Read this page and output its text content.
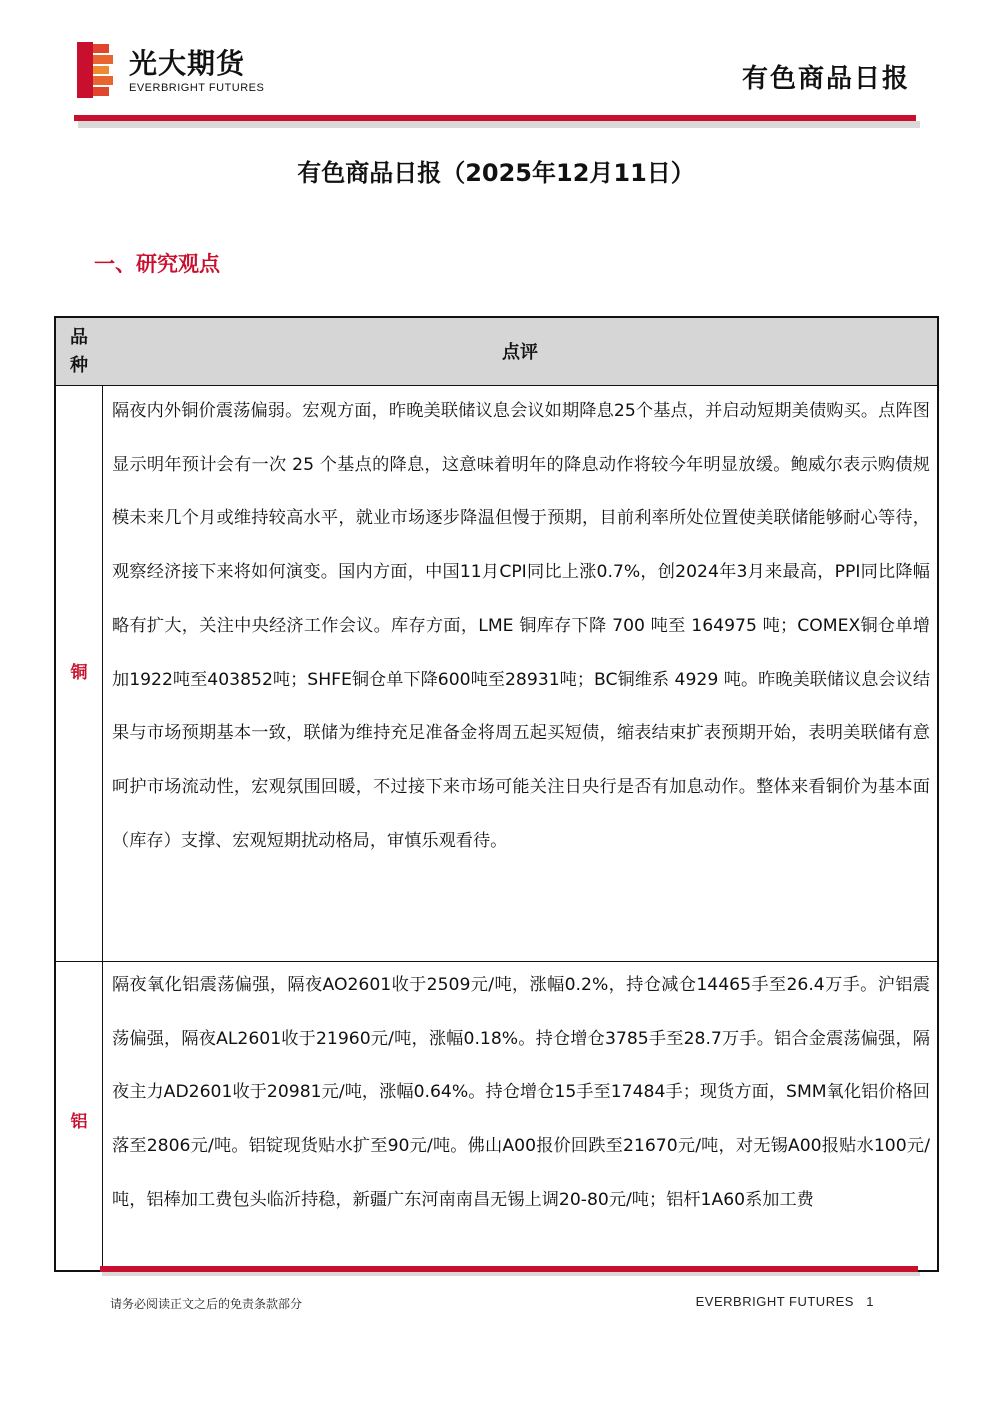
光大期货
EVERBRIGHT FUTURES	有色商品日报
有色商品日报（2025年12月11日）
一、研究观点
品
种
点评
铜
隔夜内外铜价震荡偏弱。宏观方面，昨晚美联储议息会议如期降息25个基点，并启动短期美债购买。点阵图显示明年预计会有一次 25 个基点的降息，这意味着明年的降息动作将较今年明显放缓。鲍威尔表示购债规模未来几个月或维持较高水平，就业市场逐步降温但慢于预期，目前利率所处位置使美联储能够耐心等待，观察经济接下来将如何演变。国内方面，中国11月CPI同比上涨0.7%，创2024年3月来最高，PPI同比降幅略有扩大，关注中央经济工作会议。库存方面，LME 铜库存下降 700 吨至 164975 吨；COMEX铜仓单增加1922吨至403852吨；SHFE铜仓单下降600吨至28931吨；BC铜维系 4929 吨。昨晚美联储议息会议结果与市场预期基本一致，联储为维持充足准备金将周五起买短债，缩表结束扩表预期开始，表明美联储有意呵护市场流动性，宏观氛围回暖，不过接下来市场可能关注日央行是否有加息动作。整体来看铜价为基本面（库存）支撑、宏观短期扰动格局，审慎乐观看待。
铝
隔夜氧化铝震荡偏强，隔夜AO2601收于2509元/吨，涨幅0.2%，持仓减仓14465手至26.4万手。沪铝震荡偏强，隔夜AL2601收于21960元/吨，涨幅0.18%。持仓增仓3785手至28.7万手。铝合金震荡偏强，隔夜主力AD2601收于20981元/吨，涨幅0.64%。持仓增仓15手至17484手；现货方面，SMM氧化铝价格回落至2806元/吨。铝锭现货贴水扩至90元/吨。佛山A00报价回跌至21670元/吨，对无锡A00报贴水100元/吨，铝棒加工费包头临沂持稳，新疆广东河南南昌无锡上调20-80元/吨；铝杆1A60系加工费
请务必阅读正文之后的免责条款部分	EVERBRIGHT FUTURES 1
